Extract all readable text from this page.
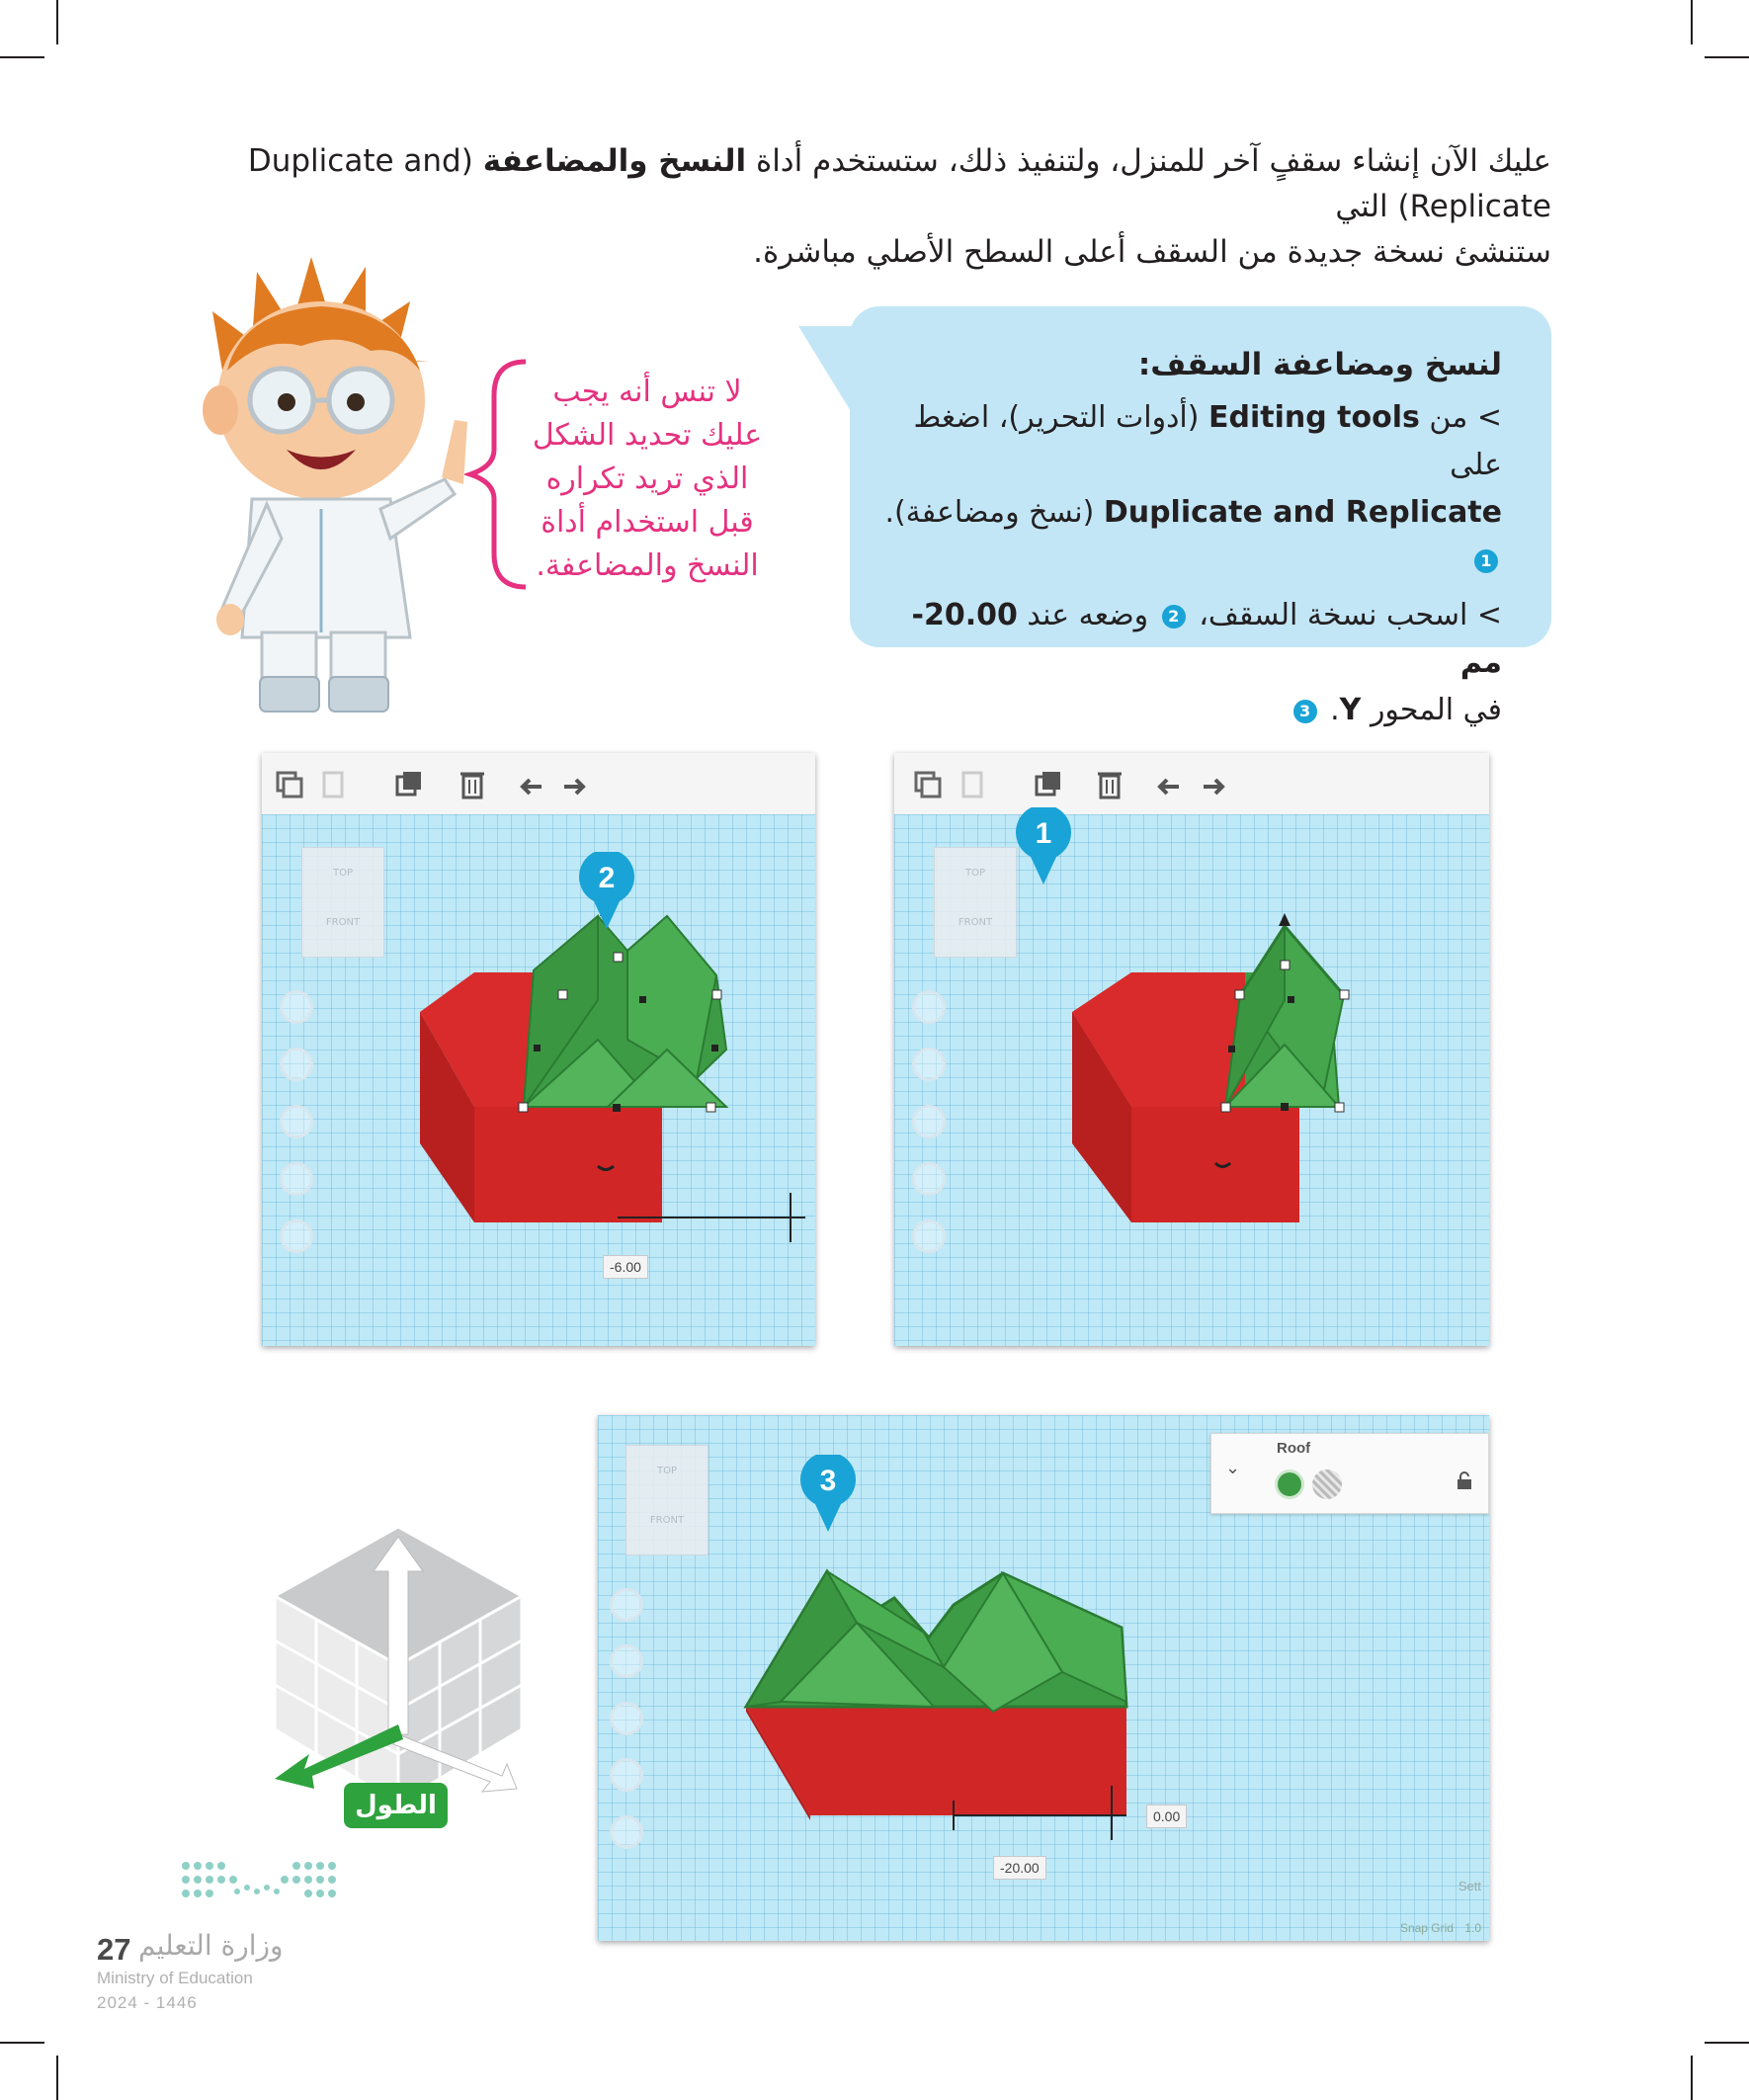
عليك الآن إنشاء سقفٍ آخر للمنزل، ولتنفيذ ذلك، ستستخدم أداة النسخ والمضاعفة (Duplicate and Replicate) التي
ستنشئ نسخة جديدة من السقف أعلى السطح الأصلي مباشرة.
لا تنس أنه يجب عليك تحديد الشكل الذي تريد تكراره قبل استخدام أداة النسخ والمضاعفة.
لنسخ ومضاعفة السقف:
> من Editing tools (أدوات التحرير)، اضغط على
Duplicate and Replicate (نسخ ومضاعفة). 1
> اسحب نسخة السقف، 2 وضعه عند 20.00- مم
في المحور Y. 3
TOP
FRONT
1
TOP
FRONT
-6.00
2
TOP
FRONT
0.00
-20.00
Roof
⌄
Sett
Snap Grid 1.0
3
الطول
وزارة التعليم
27
Ministry of Education
2024 - 1446
